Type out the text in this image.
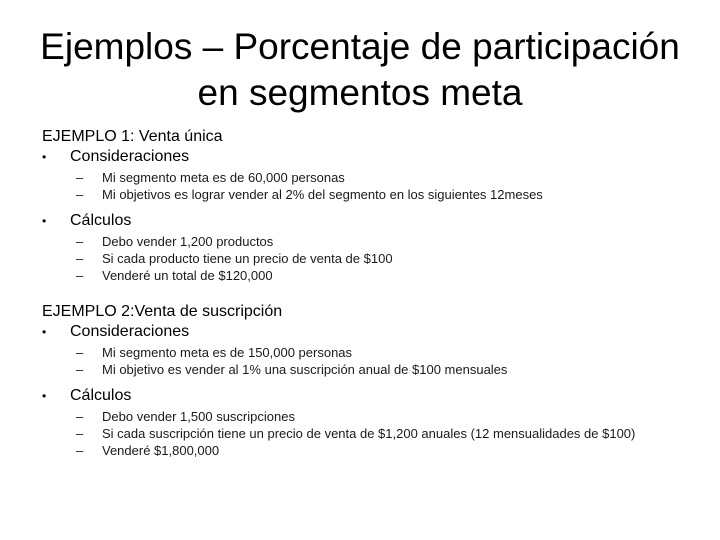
Ejemplos – Porcentaje de participación
en segmentos meta
EJEMPLO 1: Venta única
• Consideraciones
– Mi segmento meta es de 60,000 personas
– Mi objetivos es lograr vender al 2% del segmento en los siguientes 12meses
• Cálculos
– Debo vender 1,200 productos
– Si cada producto tiene un precio de venta de $100
– Venderé un total de $120,000
EJEMPLO 2:Venta de suscripción
• Consideraciones
– Mi segmento meta es de 150,000 personas
– Mi objetivo es vender al 1% una suscripción anual de $100 mensuales
• Cálculos
– Debo vender 1,500 suscripciones
– Si cada suscripción tiene un precio de venta de $1,200 anuales (12 mensualidades de $100)
– Venderé $1,800,000
